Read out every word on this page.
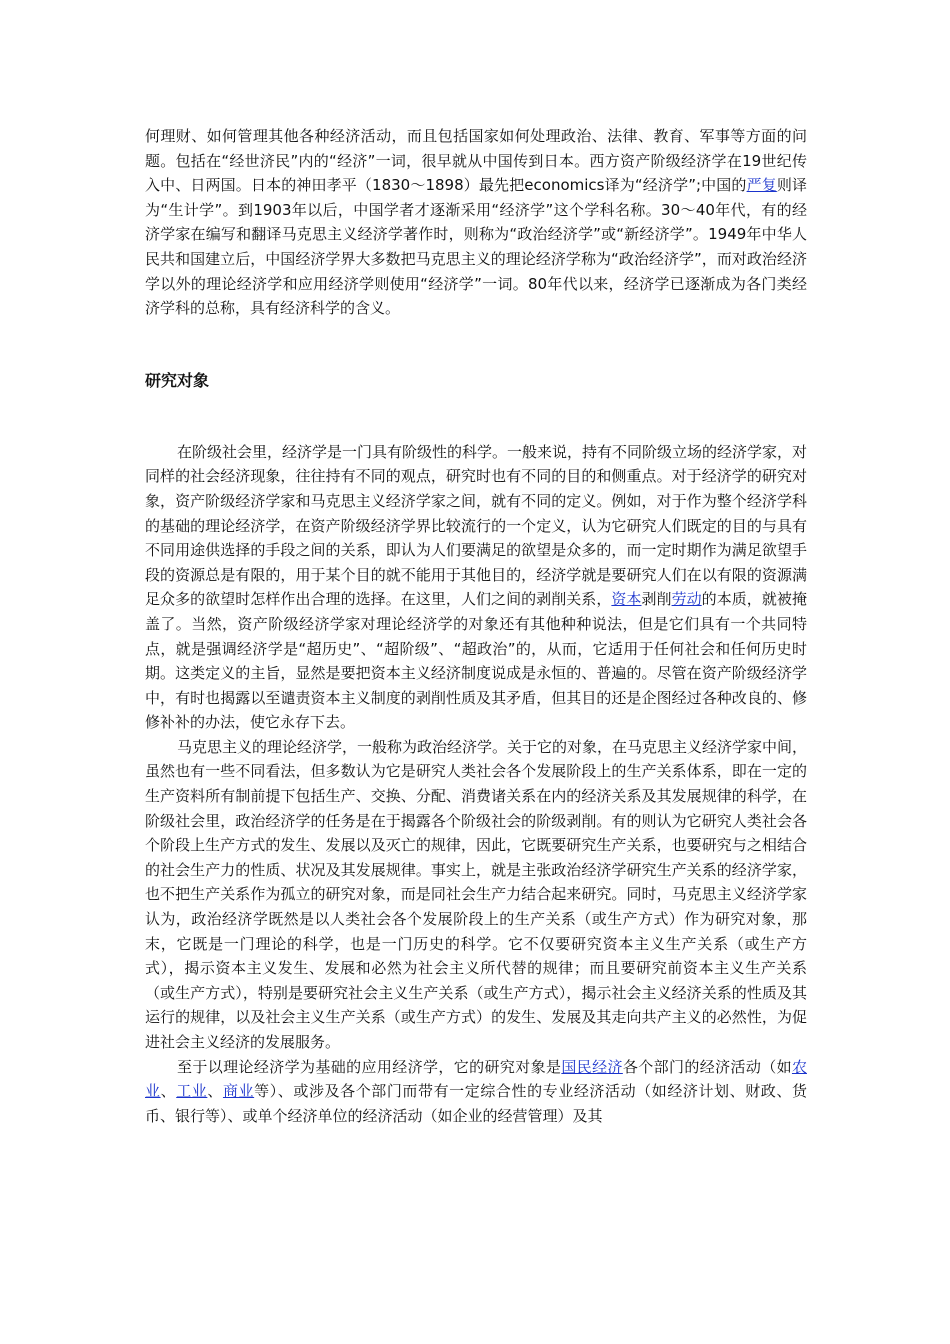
何理财、如何管理其他各种经济活动，而且包括国家如何处理政治、法律、教育、军事等方面的问题。包括在“经世济民”内的“经济”一词，很早就从中国传到日本。西方资产阶级经济学在19世纪传入中、日两国。日本的神田孝平（1830～1898）最先把economics译为“经济学”;中国的严复则译为“生计学”。到1903年以后，中国学者才逐渐采用“经济学”这个学科名称。30～40年代，有的经济学家在编写和翻译马克思主义经济学著作时，则称为“政治经济学”或“新经济学”。1949年中华人民共和国建立后，中国经济学界大多数把马克思主义的理论经济学称为“政治经济学”，而对政治经济学以外的理论经济学和应用经济学则使用“经济学”一词。80年代以来，经济学已逐渐成为各门类经济学科的总称，具有经济科学的含义。

研究对象

在阶级社会里，经济学是一门具有阶级性的科学。一般来说，持有不同阶级立场的经济学家，对同样的社会经济现象，往往持有不同的观点，研究时也有不同的目的和侧重点。对于经济学的研究对象，资产阶级经济学家和马克思主义经济学家之间，就有不同的定义。例如，对于作为整个经济学科的基础的理论经济学，在资产阶级经济学界比较流行的一个定义，认为它研究人们既定的目的与具有不同用途供选择的手段之间的关系，即认为人们要满足的欲望是众多的，而一定时期作为满足欲望手段的资源总是有限的，用于某个目的就不能用于其他目的，经济学就是要研究人们在以有限的资源满足众多的欲望时怎样作出合理的选择。在这里，人们之间的剥削关系，资本剥削劳动的本质，就被掩盖了。当然，资产阶级经济学家对理论经济学的对象还有其他种种说法，但是它们具有一个共同特点，就是强调经济学是“超历史”、“超阶级”、“超政治”的，从而，它适用于任何社会和任何历史时期。这类定义的主旨，显然是要把资本主义经济制度说成是永恒的、普遍的。尽管在资产阶级经济学中，有时也揭露以至谴责资本主义制度的剥削性质及其矛盾，但其目的还是企图经过各种改良的、修修补补的办法，使它永存下去。

马克思主义的理论经济学，一般称为政治经济学。关于它的对象，在马克思主义经济学家中间，虽然也有一些不同看法，但多数认为它是研究人类社会各个发展阶段上的生产关系体系，即在一定的生产资料所有制前提下包括生产、交换、分配、消费诸关系在内的经济关系及其发展规律的科学，在阶级社会里，政治经济学的任务是在于揭露各个阶级社会的阶级剥削。有的则认为它研究人类社会各个阶段上生产方式的发生、发展以及灭亡的规律，因此，它既要研究生产关系，也要研究与之相结合的社会生产力的性质、状况及其发展规律。事实上，就是主张政治经济学研究生产关系的经济学家，也不把生产关系作为孤立的研究对象，而是同社会生产力结合起来研究。同时，马克思主义经济学家认为，政治经济学既然是以人类社会各个发展阶段上的生产关系（或生产方式）作为研究对象，那末，它既是一门理论的科学，也是一门历史的科学。它不仅要研究资本主义生产关系（或生产方式），揭示资本主义发生、发展和必然为社会主义所代替的规律；而且要研究前资本主义生产关系（或生产方式），特别是要研究社会主义生产关系（或生产方式），揭示社会主义经济关系的性质及其运行的规律，以及社会主义生产关系（或生产方式）的发生、发展及其走向共产主义的必然性，为促进社会主义经济的发展服务。

至于以理论经济学为基础的应用经济学，它的研究对象是国民经济各个部门的经济活动（如农业、工业、商业等）、或涉及各个部门而带有一定综合性的专业经济活动（如经济计划、财政、货币、银行等）、或单个经济单位的经济活动（如企业的经营管理）及其
